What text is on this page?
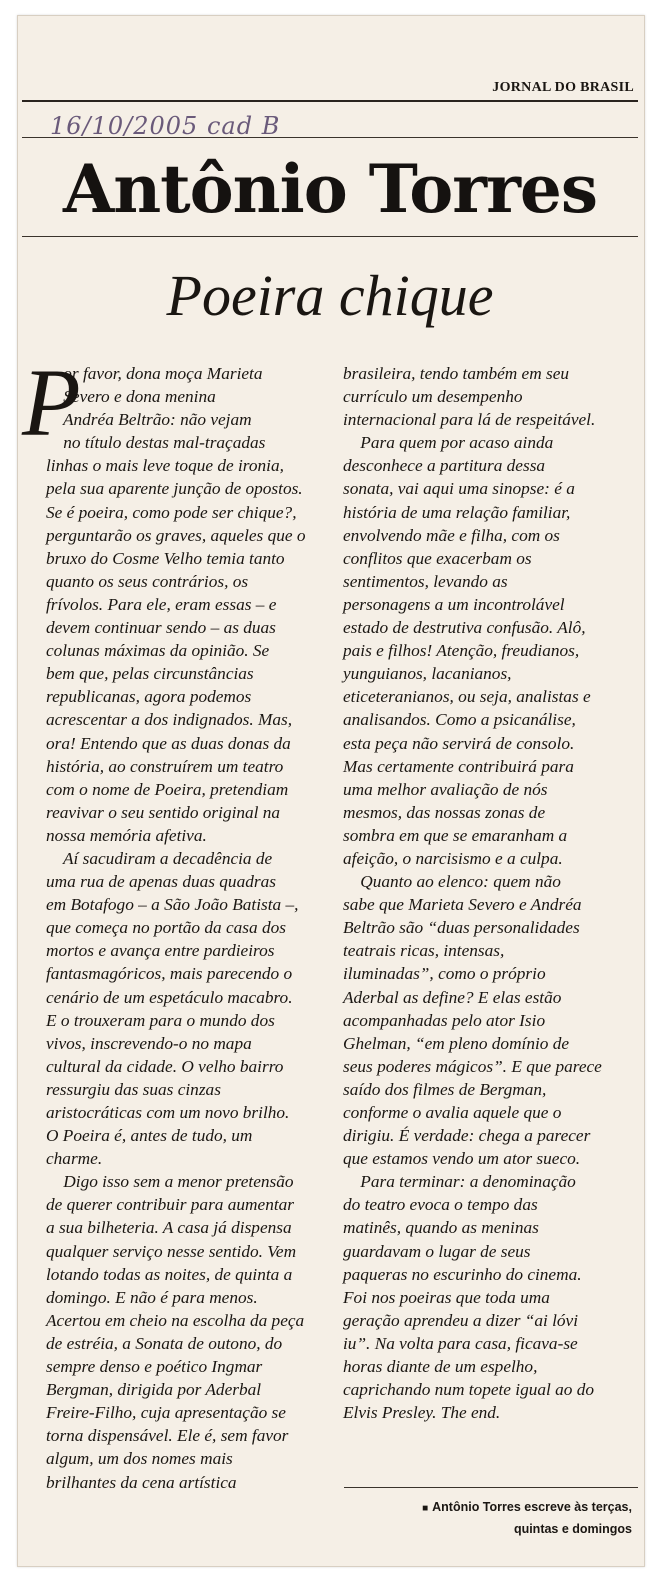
JORNAL DO BRASIL
16/10/2005 cad B
Antônio Torres
Poeira chique
P
or favor, dona moça Marieta
Severo e dona menina
Andréa Beltrão: não vejam
no título destas mal-traçadas
linhas o mais leve toque de ironia,
pela sua aparente junção de opostos.
Se é poeira, como pode ser chique?,
perguntarão os graves, aqueles que o
bruxo do Cosme Velho temia tanto
quanto os seus contrários, os
frívolos. Para ele, eram essas – e
devem continuar sendo – as duas
colunas máximas da opinião. Se
bem que, pelas circunstâncias
republicanas, agora podemos
acrescentar a dos indignados. Mas,
ora! Entendo que as duas donas da
história, ao construírem um teatro
com o nome de Poeira, pretendiam
reavivar o seu sentido original na
nossa memória afetiva.
Aí sacudiram a decadência de
uma rua de apenas duas quadras
em Botafogo – a São João Batista –,
que começa no portão da casa dos
mortos e avança entre pardieiros
fantasmagóricos, mais parecendo o
cenário de um espetáculo macabro.
E o trouxeram para o mundo dos
vivos, inscrevendo-o no mapa
cultural da cidade. O velho bairro
ressurgiu das suas cinzas
aristocráticas com um novo brilho.
O Poeira é, antes de tudo, um
charme.
Digo isso sem a menor pretensão
de querer contribuir para aumentar
a sua bilheteria. A casa já dispensa
qualquer serviço nesse sentido. Vem
lotando todas as noites, de quinta a
domingo. E não é para menos.
Acertou em cheio na escolha da peça
de estréia, a Sonata de outono, do
sempre denso e poético Ingmar
Bergman, dirigida por Aderbal
Freire-Filho, cuja apresentação se
torna dispensável. Ele é, sem favor
algum, um dos nomes mais
brilhantes da cena artística
brasileira, tendo também em seu
currículo um desempenho
internacional para lá de respeitável.
Para quem por acaso ainda
desconhece a partitura dessa
sonata, vai aqui uma sinopse: é a
história de uma relação familiar,
envolvendo mãe e filha, com os
conflitos que exacerbam os
sentimentos, levando as
personagens a um incontrolável
estado de destrutiva confusão. Alô,
pais e filhos! Atenção, freudianos,
yunguianos, lacanianos,
eticeteranianos, ou seja, analistas e
analisandos. Como a psicanálise,
esta peça não servirá de consolo.
Mas certamente contribuirá para
uma melhor avaliação de nós
mesmos, das nossas zonas de
sombra em que se emaranham a
afeição, o narcisismo e a culpa.
Quanto ao elenco: quem não
sabe que Marieta Severo e Andréa
Beltrão são “duas personalidades
teatrais ricas, intensas,
iluminadas”, como o próprio
Aderbal as define? E elas estão
acompanhadas pelo ator Isio
Ghelman, “em pleno domínio de
seus poderes mágicos”. E que parece
saído dos filmes de Bergman,
conforme o avalia aquele que o
dirigiu. É verdade: chega a parecer
que estamos vendo um ator sueco.
Para terminar: a denominação
do teatro evoca o tempo das
matinês, quando as meninas
guardavam o lugar de seus
paqueras no escurinho do cinema.
Foi nos poeiras que toda uma
geração aprendeu a dizer “ai lóvi
iu”. Na volta para casa, ficava-se
horas diante de um espelho,
caprichando num topete igual ao do
Elvis Presley. The end.
■ Antônio Torres escreve às terças,
quintas e domingos
